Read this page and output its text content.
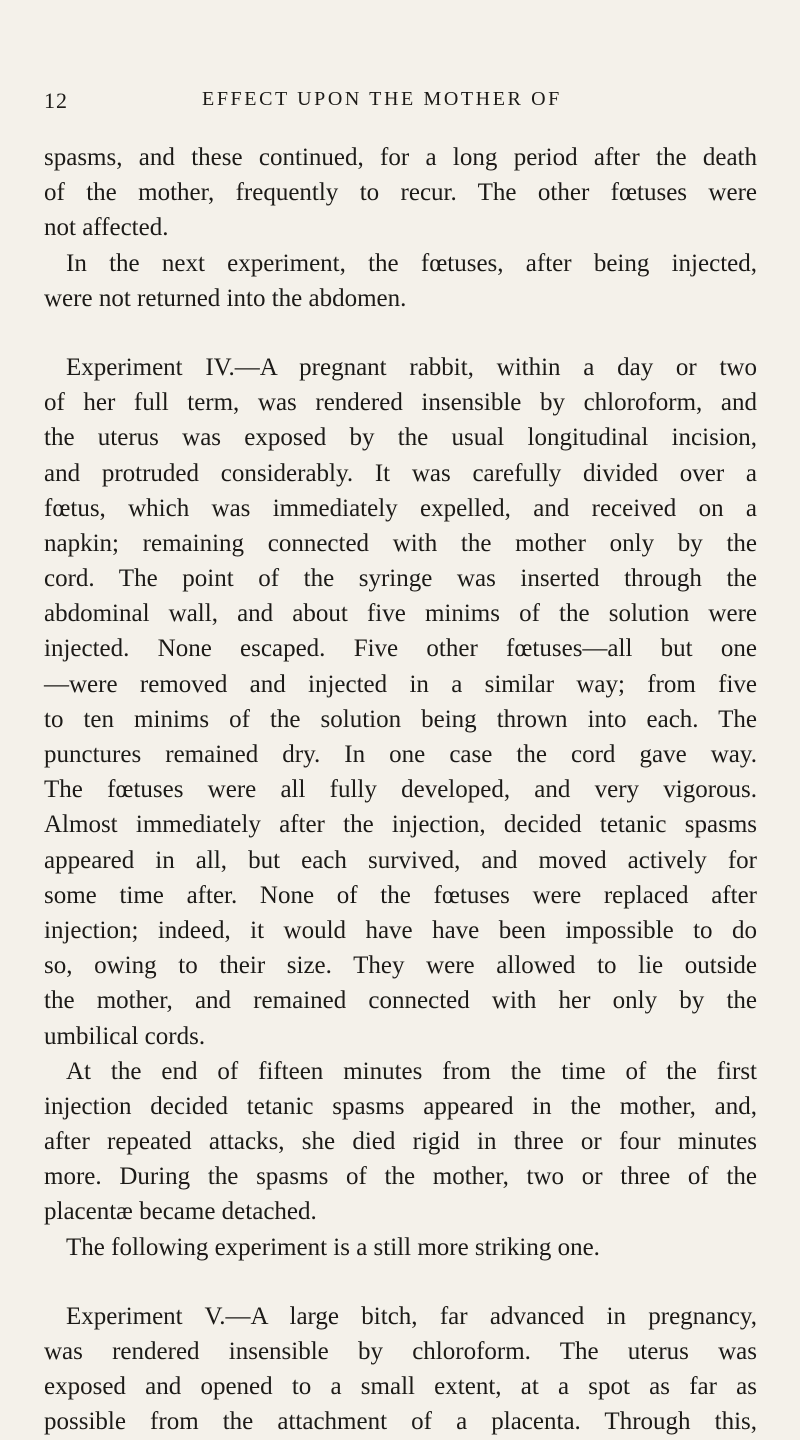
12	EFFECT UPON THE MOTHER OF
spasms, and these continued, for a long period after the death
of the mother, frequently to recur. The other fœtuses were
not affected.
In the next experiment, the fœtuses, after being injected,
were not returned into the abdomen.
Experiment IV.—A pregnant rabbit, within a day or two
of her full term, was rendered insensible by chloroform, and
the uterus was exposed by the usual longitudinal incision,
and protruded considerably. It was carefully divided over a
fœtus, which was immediately expelled, and received on a
napkin; remaining connected with the mother only by the
cord. The point of the syringe was inserted through the
abdominal wall, and about five minims of the solution were
injected. None escaped. Five other fœtuses—all but one
—were removed and injected in a similar way; from five
to ten minims of the solution being thrown into each. The
punctures remained dry. In one case the cord gave way.
The fœtuses were all fully developed, and very vigorous.
Almost immediately after the injection, decided tetanic spasms
appeared in all, but each survived, and moved actively for
some time after. None of the fœtuses were replaced after
injection; indeed, it would have have been impossible to do
so, owing to their size. They were allowed to lie outside
the mother, and remained connected with her only by the
umbilical cords.
At the end of fifteen minutes from the time of the first
injection decided tetanic spasms appeared in the mother, and,
after repeated attacks, she died rigid in three or four minutes
more. During the spasms of the mother, two or three of the
placentæ became detached.
The following experiment is a still more striking one.
Experiment V.—A large bitch, far advanced in pregnancy,
was rendered insensible by chloroform. The uterus was
exposed and opened to a small extent, at a spot as far as
possible from the attachment of a placenta. Through this,
